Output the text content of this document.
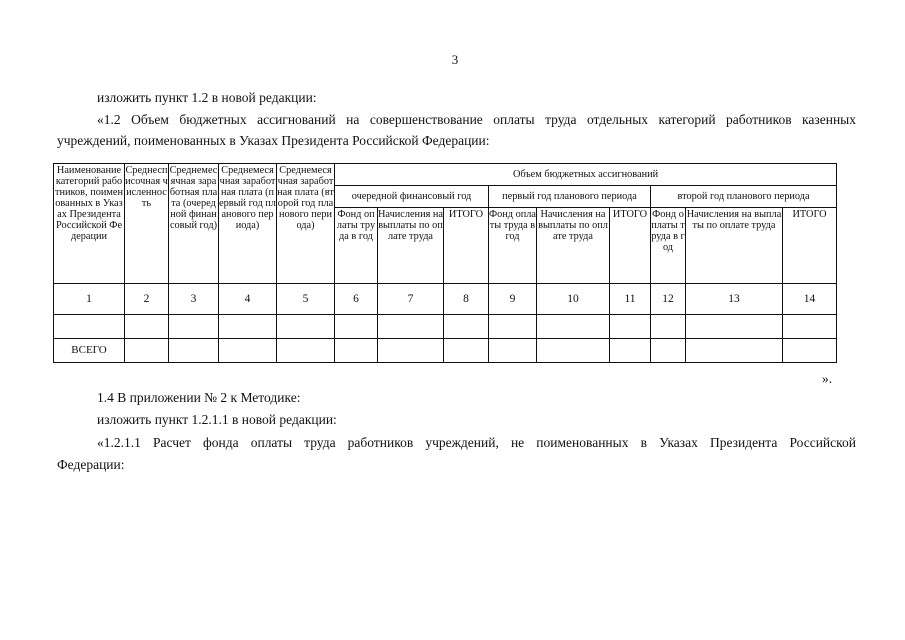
3
изложить пункт 1.2 в новой редакции:
«1.2 Объем бюджетных ассигнований на совершенствование оплаты труда отдельных категорий работников казенных
учреждений, поименованных в Указах Президента Российской Федерации:
Наименование категорий работников, поименованных в Указах Президента Российской Федерации	Среднесписочная численность	Среднемесячная заработная плата (очередной финансовый год)	Среднемесячная заработная плата (первый год планового периода)	Среднемесячная заработная плата (второй год планового периода)	Объем бюджетных ассигнований								
					очередной финансовый год			первый год планового периода			второй год планового периода		
					Фонд оплаты труда в год	Начисления на выплаты по оплате труда	ИТОГО	Фонд оплаты труда в год	Начисления на выплаты по оплате труда	ИТОГО	Фонд оплаты труда в год	Начисления на выплаты по оплате труда	ИТОГО
1	2	3	4	5	6	7	8	9	10	11	12	13	14

ВСЕГО													
».
1.4 В приложении № 2 к Методике:
изложить пункт 1.2.1.1 в новой редакции:
«1.2.1.1 Расчет фонда оплаты труда работников учреждений, не поименованных в Указах Президента Российской
Федерации:
